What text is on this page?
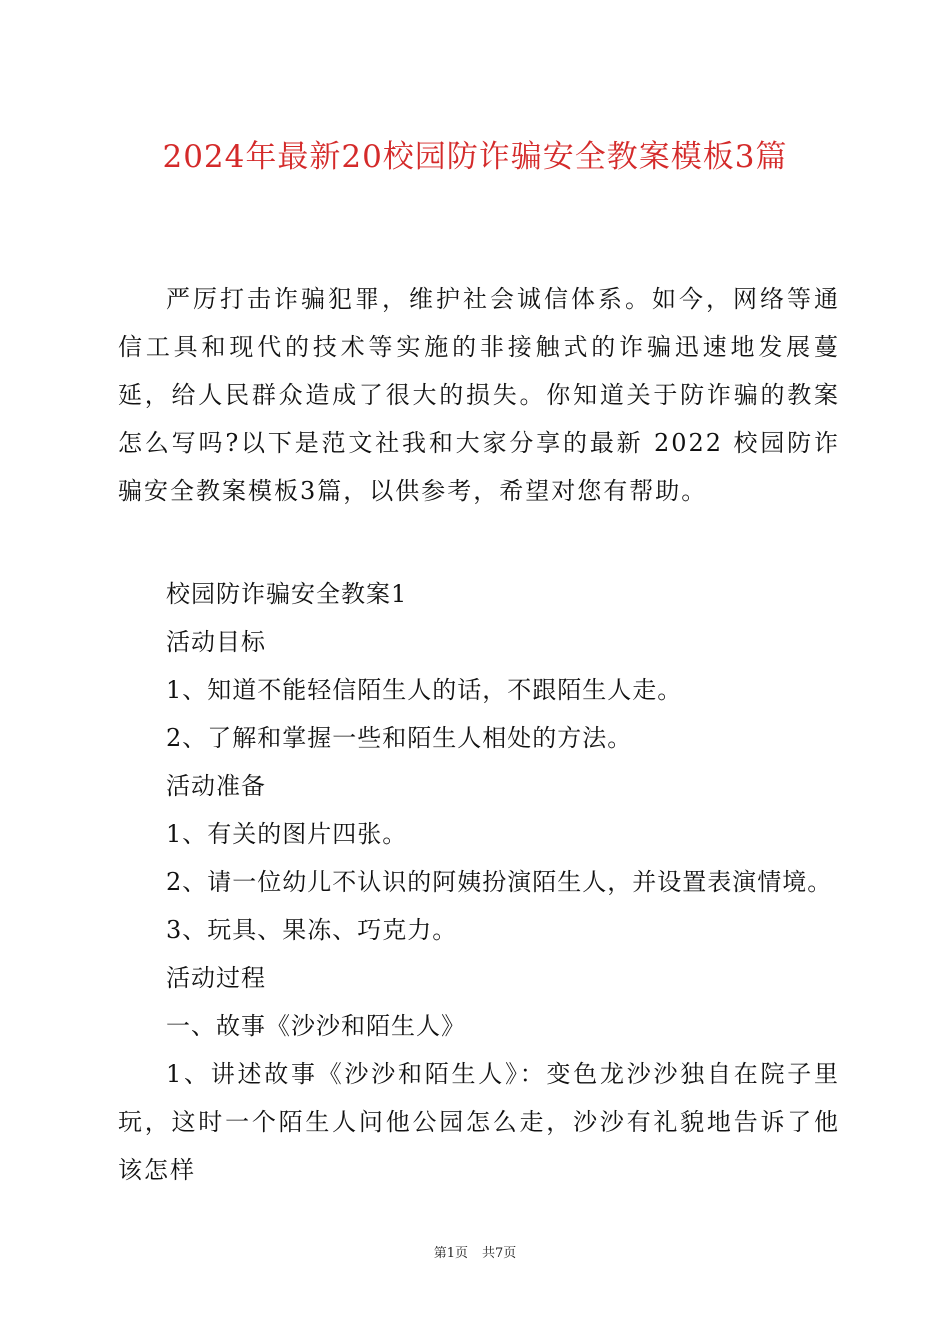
2024年最新20校园防诈骗安全教案模板3篇

严厉打击诈骗犯罪，维护社会诚信体系。如今，网络等通信工具和现代的技术等实施的非接触式的诈骗迅速地发展蔓延，给人民群众造成了很大的损失。你知道关于防诈骗的教案怎么写吗?以下是范文社我和大家分享的最新 2022 校园防诈骗安全教案模板3篇，以供参考，希望对您有帮助。

校园防诈骗安全教案1
活动目标
1、知道不能轻信陌生人的话，不跟陌生人走。
2、了解和掌握一些和陌生人相处的方法。
活动准备
1、有关的图片四张。
2、请一位幼儿不认识的阿姨扮演陌生人，并设置表演情境。
3、玩具、果冻、巧克力。
活动过程
一、故事《沙沙和陌生人》

1、讲述故事《沙沙和陌生人》：变色龙沙沙独自在院子里玩，这时一个陌生人问他公园怎么走，沙沙有礼貌地告诉了他该怎样

第1页 共7页
